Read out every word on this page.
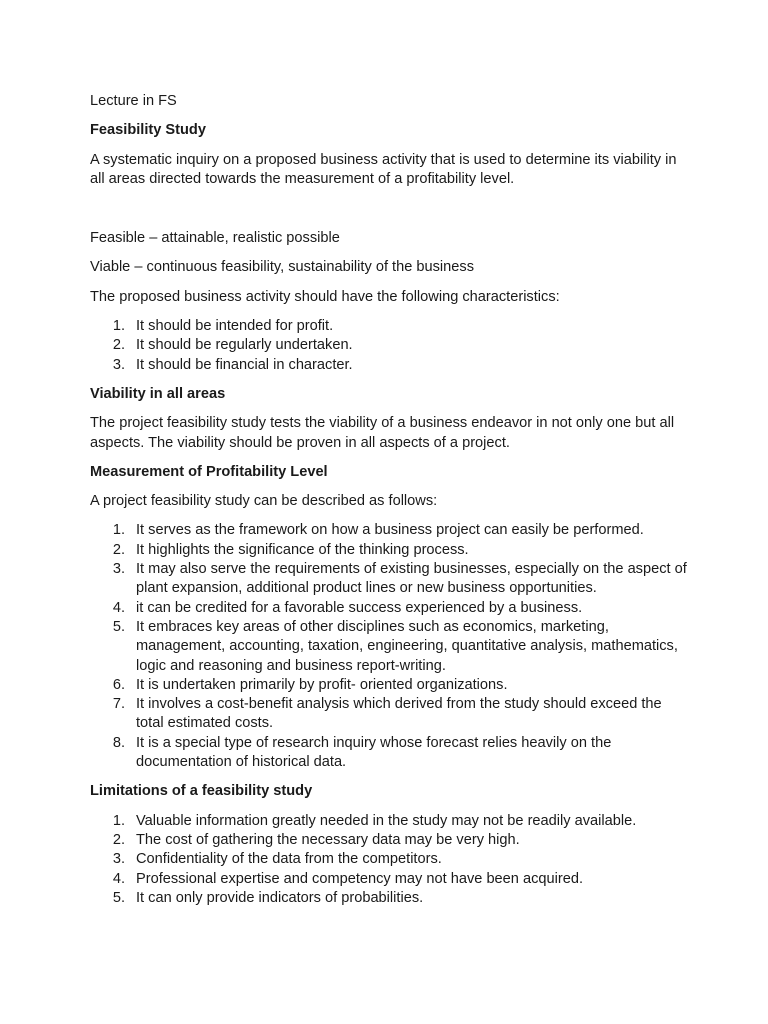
Lecture in FS

Feasibility Study

A systematic inquiry on a proposed business activity that is used to determine its viability in all areas directed towards the measurement of a profitability level.

Feasible – attainable, realistic possible

Viable – continuous feasibility, sustainability of the business

The proposed business activity should have the following characteristics:

1. It should be intended for profit.
2. It should be regularly undertaken.
3. It should be financial in character.

Viability in all areas

The project feasibility study tests the viability of a business endeavor in not only one but all aspects. The viability should be proven in all aspects of a project.

Measurement of Profitability Level

A project feasibility study can be described as follows:

1. It serves as the framework on how a business project can easily be performed.
2. It highlights the significance of the thinking process.
3. It may also serve the requirements of existing businesses, especially on the aspect of plant expansion, additional product lines or new business opportunities.
4. it can be credited for a favorable success experienced by a business.
5. It embraces key areas of other disciplines such as economics, marketing, management, accounting, taxation, engineering, quantitative analysis, mathematics, logic and reasoning and business report-writing.
6. It is undertaken primarily by profit- oriented organizations.
7. It involves a cost-benefit analysis which derived from the study should exceed the total estimated costs.
8. It is a special type of research inquiry whose forecast relies heavily on the documentation of historical data.

Limitations of a feasibility study

1. Valuable information greatly needed in the study may not be readily available.
2. The cost of gathering the necessary data may be very high.
3. Confidentiality of the data from the competitors.
4. Professional expertise and competency may not have been acquired.
5. It can only provide indicators of probabilities.
